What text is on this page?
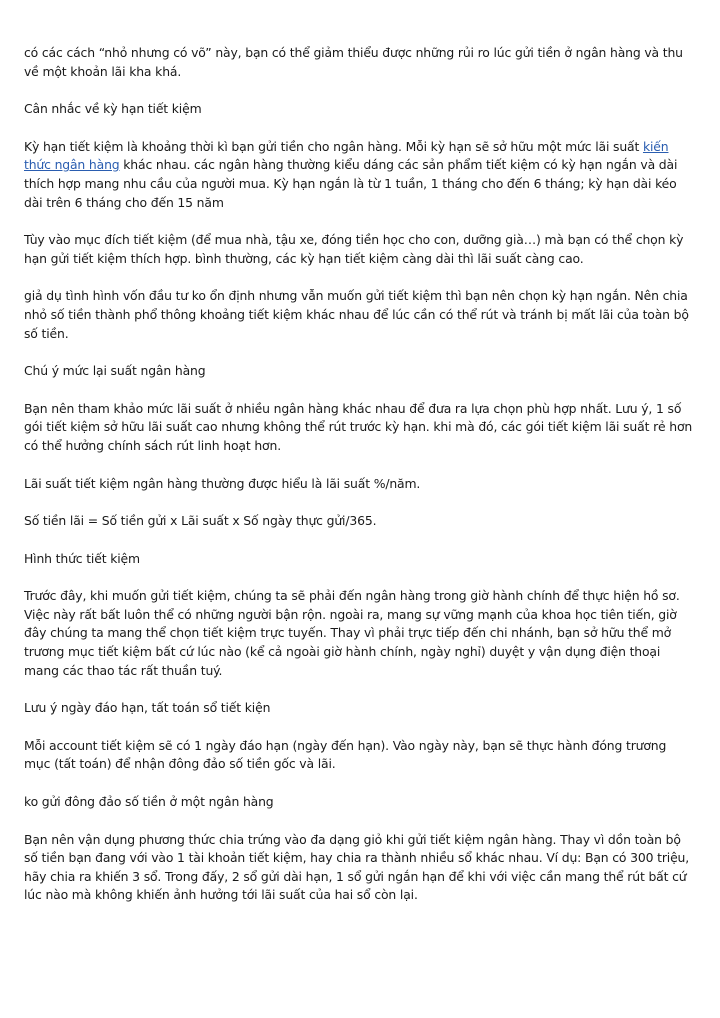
có các cách “nhỏ nhưng có võ” này, bạn có thể giảm thiểu được những rủi ro lúc gửi tiền ở ngân hàng và thu về một khoản lãi kha khá.

Cân nhắc về kỳ hạn tiết kiệm

Kỳ hạn tiết kiệm là khoảng thời kì bạn gửi tiền cho ngân hàng. Mỗi kỳ hạn sẽ sở hữu một mức lãi suất kiến thức ngân hàng khác nhau. các ngân hàng thường kiểu dáng các sản phẩm tiết kiệm có kỳ hạn ngắn và dài thích hợp mang nhu cầu của người mua. Kỳ hạn ngắn là từ 1 tuần, 1 tháng cho đến 6 tháng; kỳ hạn dài kéo dài trên 6 tháng cho đến 15 năm

Tùy vào mục đích tiết kiệm (để mua nhà, tậu xe, đóng tiền học cho con, dưỡng già…) mà bạn có thể chọn kỳ hạn gửi tiết kiệm thích hợp. bình thường, các kỳ hạn tiết kiệm càng dài thì lãi suất càng cao.

giả dụ tình hình vốn đầu tư ko ổn định nhưng vẫn muốn gửi tiết kiệm thì bạn nên chọn kỳ hạn ngắn. Nên chia nhỏ số tiền thành phổ thông khoảng tiết kiệm khác nhau để lúc cần có thể rút và tránh bị mất lãi của toàn bộ số tiền.

Chú ý mức lại suất ngân hàng

Bạn nên tham khảo mức lãi suất ở nhiều ngân hàng khác nhau để đưa ra lựa chọn phù hợp nhất. Lưu ý, 1 số gói tiết kiệm sở hữu lãi suất cao nhưng không thể rút trước kỳ hạn. khi mà đó, các gói tiết kiệm lãi suất rẻ hơn có thể hưởng chính sách rút linh hoạt hơn.

Lãi suất tiết kiệm ngân hàng thường được hiểu là lãi suất %/năm.

Số tiền lãi = Số tiền gửi x Lãi suất x Số ngày thực gửi/365.

Hình thức tiết kiệm

Trước đây, khi muốn gửi tiết kiệm, chúng ta sẽ phải đến ngân hàng trong giờ hành chính để thực hiện hồ sơ. Việc này rất bất luôn thể có những người bận rộn. ngoài ra, mang sự vững mạnh của khoa học tiên tiến, giờ đây chúng ta mang thể chọn tiết kiệm trực tuyến. Thay vì phải trực tiếp đến chi nhánh, bạn sở hữu thể mở trương mục tiết kiệm bất cứ lúc nào (kể cả ngoài giờ hành chính, ngày nghỉ) duyệt y vận dụng điện thoại mang các thao tác rất thuần tuý.

Lưu ý ngày đáo hạn, tất toán sổ tiết kiện

Mỗi account tiết kiệm sẽ có 1 ngày đáo hạn (ngày đến hạn). Vào ngày này, bạn sẽ thực hành đóng trương mục (tất toán) để nhận đông đảo số tiền gốc và lãi.

ko gửi đông đảo số tiền ở một ngân hàng

Bạn nên vận dụng phương thức chia trứng vào đa dạng giỏ khi gửi tiết kiệm ngân hàng. Thay vì dồn toàn bộ số tiền bạn đang với vào 1 tài khoản tiết kiệm, hay chia ra thành nhiều sổ khác nhau. Ví dụ: Bạn có 300 triệu, hãy chia ra khiến 3 sổ. Trong đấy, 2 sổ gửi dài hạn, 1 sổ gửi ngắn hạn để khi với việc cần mang thể rút bất cứ lúc nào mà không khiến ảnh hưởng tới lãi suất của hai sổ còn lại.
